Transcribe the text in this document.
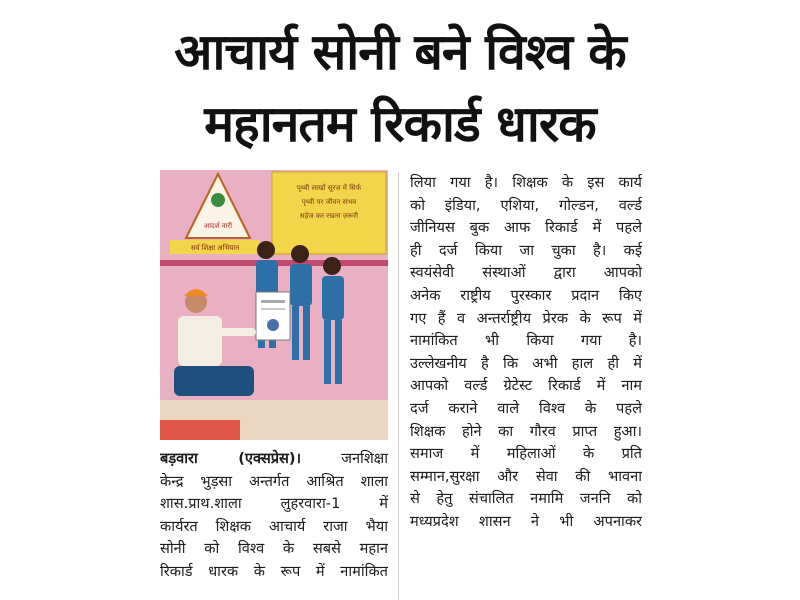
आचार्य सोनी बने विश्व के
महानतम रिकार्ड धारक
पृथ्वी लाखों सूरज में सिर्फ
पृथ्वी पर जीवन संभव
सहेज कर रखना ज़रूरी
आदर्श नारी
सर्व शिक्षा अभियान
बड़वारा (एक्सप्रेस)।	जनशिक्षा
केन्द्र भुड़सा अन्तर्गत आश्रित शाला
शास.प्राथ.शाला लुहरवारा-1 में
कार्यरत शिक्षक आचार्य राजा भैया
सोनी को विश्व के सबसे महान
रिकार्ड धारक के रूप में नामांकित
लिया गया है। शिक्षक के इस कार्य
को इंडिया, एशिया, गोल्डन, वर्ल्ड
जीनियस बुक आफ रिकार्ड में पहले
ही दर्ज किया जा चुका है। कई
स्वयंसेवी संस्थाओं द्वारा आपको
अनेक राष्ट्रीय पुरस्कार प्रदान किए
गए हैं व अन्तर्राष्ट्रीय प्रेरक के रूप में
नामांकित भी किया गया है।
उल्लेखनीय है कि अभी हाल ही में
आपको वर्ल्ड ग्रेटेस्ट रिकार्ड में नाम
दर्ज कराने वाले विश्व के पहले
शिक्षक होने का गौरव प्राप्त हुआ।
समाज में महिलाओं के प्रति
सम्मान,सुरक्षा और सेवा की भावना
से हेतु संचालित नमामि जननि को
मध्यप्रदेश शासन ने भी अपनाकर
